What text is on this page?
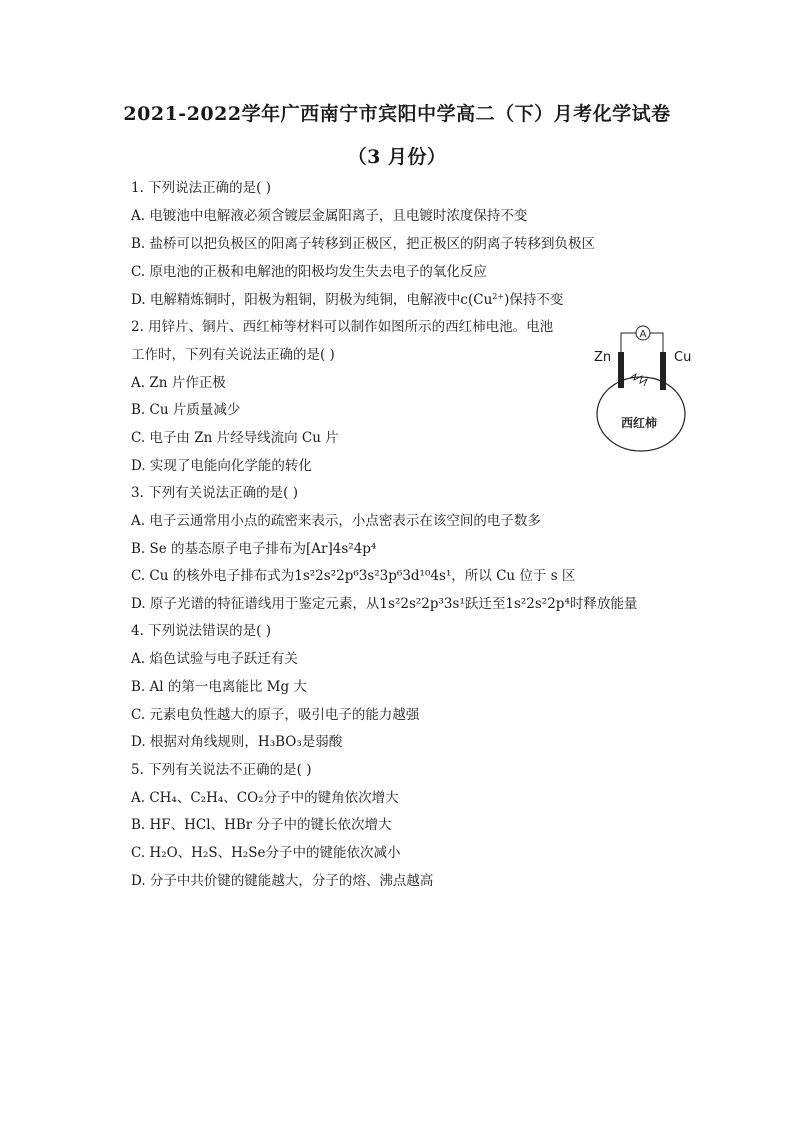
2021-2022学年广西南宁市宾阳中学高二（下）月考化学试卷
（3 月份）
1. 下列说法正确的是( )
A. 电镀池中电解液必须含镀层金属阳离子，且电镀时浓度保持不变
B. 盐桥可以把负极区的阳离子转移到正极区，把正极区的阴离子转移到负极区
C. 原电池的正极和电解池的阳极均发生失去电子的氧化反应
D. 电解精炼铜时，阳极为粗铜，阴极为纯铜，电解液中$c(Cu^{2+})$保持不变
2. 用锌片、铜片、西红柿等材料可以制作如图所示的西红柿电池。电池
工作时，下列有关说法正确的是( )
A. Zn 片作正极
B. Cu 片质量减少
C. 电子由 Zn 片经导线流向 Cu 片
D. 实现了电能向化学能的转化
A
西红柿
Zn	Cu
3. 下列有关说法正确的是( )
A. 电子云通常用小点的疏密来表示，小点密表示在该空间的电子数多
B. Se 的基态原子电子排布为[Ar]4s²4p⁴
C. Cu 的核外电子排布式为1s²2s²2p⁶3s²3p⁶3d¹⁰4s¹，所以 Cu 位于 s 区
D. 原子光谱的特征谱线用于鉴定元素，从1s²2s²2p³3s¹跃迁至1s²2s²2p⁴时释放能量
4. 下列说法错误的是( )
A. 焰色试验与电子跃迁有关
B. Al 的第一电离能比 Mg 大
C. 元素电负性越大的原子，吸引电子的能力越强
D. 根据对角线规则，H₃BO₃是弱酸
5. 下列有关说法不正确的是( )
A. CH₄、C₂H₄、CO₂分子中的键角依次增大
B. HF、HCl、HBr 分子中的键长依次增大
C. H₂O、H₂S、H₂Se分子中的键能依次减小
D. 分子中共价键的键能越大，分子的熔、沸点越高
